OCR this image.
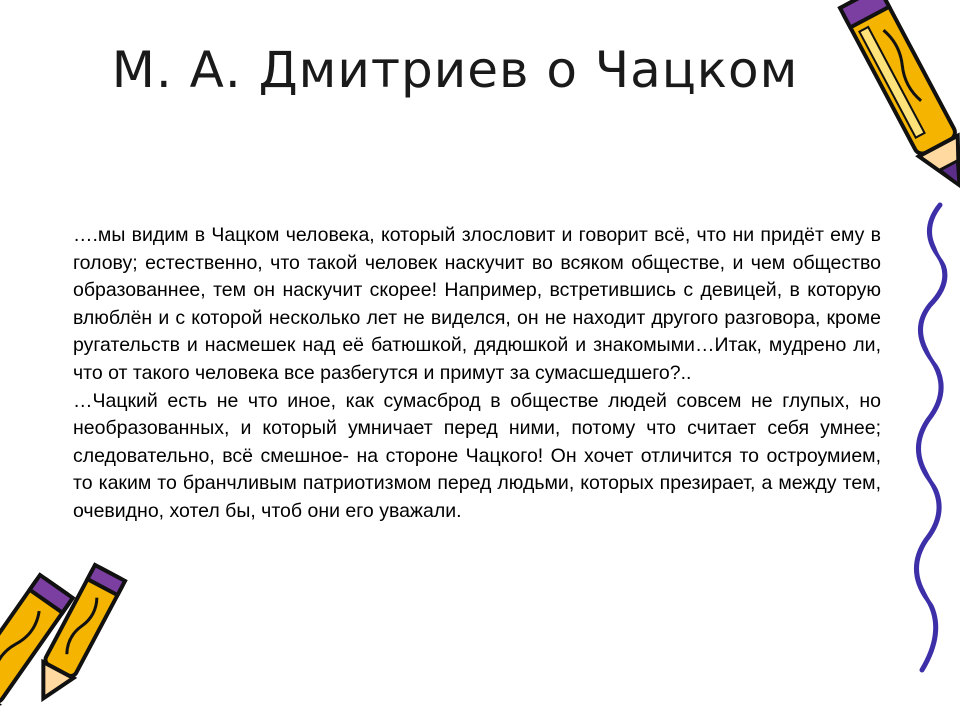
М. А. Дмитриев о Чацком

….мы видим в Чацком человека, который злословит и говорит всё, что ни придёт ему в голову; естественно, что такой человек наскучит во всяком обществе, и чем общество образованнее, тем он наскучит скорее! Например, встретившись с девицей, в которую влюблён и с которой несколько лет не виделся, он не находит другого разговора, кроме ругательств и насмешек над её батюшкой, дядюшкой и знакомыми…Итак, мудрено ли, что от такого человека все разбегутся и примут за сумасшедшего?..

…Чацкий есть не что иное, как сумасброд в обществе людей совсем не глупых, но необразованных, и который умничает перед ними, потому что считает себя умнее; следовательно, всё смешное- на стороне Чацкого! Он хочет отличится то остроумием, то каким то бранчливым патриотизмом перед людьми, которых презирает, а между тем, очевидно, хотел бы, чтоб они его уважали.
